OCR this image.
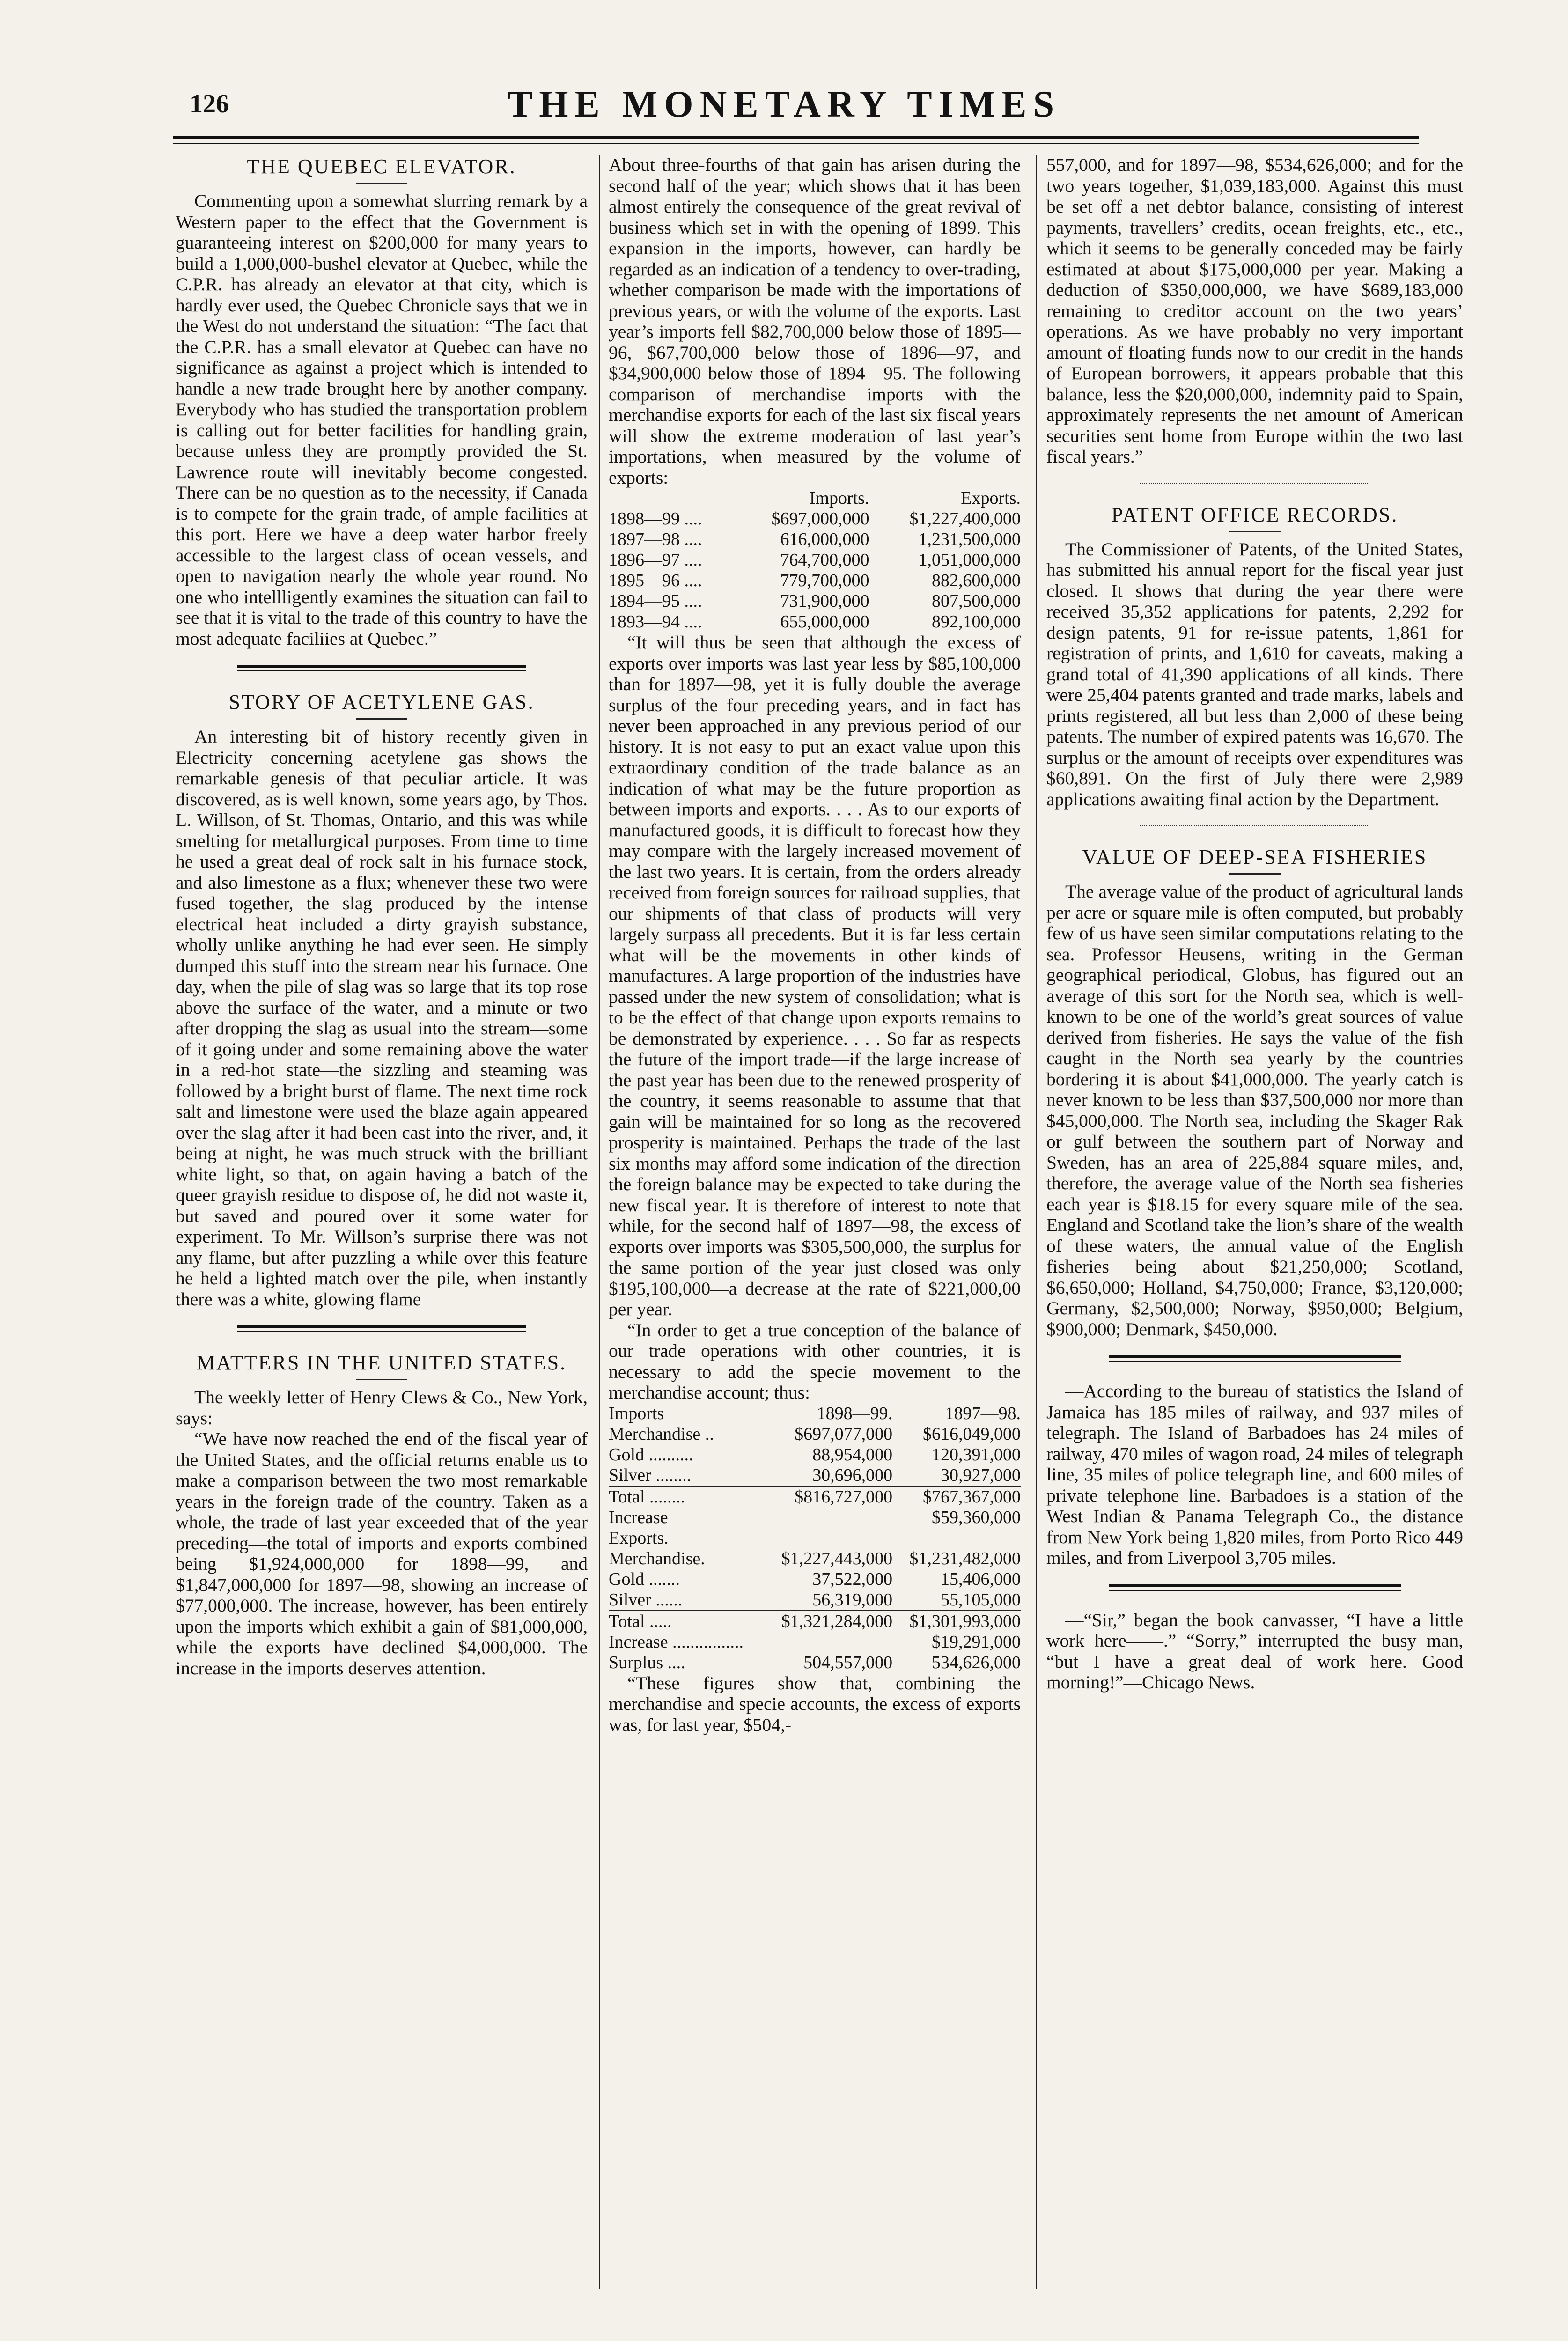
126	THE MONETARY TIMES
THE QUEBEC ELEVATOR.

Commenting upon a somewhat slurring remark by a Western paper to the effect that the Government is guaranteeing interest on $200,000 for many years to build a 1,000,000-bushel elevator at Quebec, while the C.P.R. has already an elevator at that city, which is hardly ever used, the Quebec Chronicle says that we in the West do not understand the situation: “The fact that the C.P.R. has a small elevator at Quebec can have no significance as against a project which is intended to handle a new trade brought here by another company. Everybody who has studied the transportation problem is calling out for better facilities for handling grain, because unless they are promptly provided the St. Lawrence route will inevitably become congested. There can be no question as to the necessity, if Canada is to compete for the grain trade, of ample facilities at this port. Here we have a deep water harbor freely accessible to the largest class of ocean vessels, and open to navigation nearly the whole year round. No one who intellligently examines the situation can fail to see that it is vital to the trade of this country to have the most adequate faciliies at Quebec.”

STORY OF ACETYLENE GAS.

An interesting bit of history recently given in Electricity concerning acetylene gas shows the remarkable genesis of that peculiar article. It was discovered, as is well known, some years ago, by Thos. L. Willson, of St. Thomas, Ontario, and this was while smelting for metallurgical purposes. From time to time he used a great deal of rock salt in his furnace stock, and also limestone as a flux; whenever these two were fused together, the slag produced by the intense electrical heat included a dirty grayish substance, wholly unlike anything he had ever seen. He simply dumped this stuff into the stream near his furnace. One day, when the pile of slag was so large that its top rose above the surface of the water, and a minute or two after dropping the slag as usual into the stream—some of it going under and some remaining above the water in a red-hot state—the sizzling and steaming was followed by a bright burst of flame. The next time rock salt and limestone were used the blaze again appeared over the slag after it had been cast into the river, and, it being at night, he was much struck with the brilliant white light, so that, on again having a batch of the queer grayish residue to dispose of, he did not waste it, but saved and poured over it some water for experiment. To Mr. Willson’s surprise there was not any flame, but after puzzling a while over this feature he held a lighted match over the pile, when instantly there was a white, glowing flame

MATTERS IN THE UNITED STATES.

The weekly letter of Henry Clews & Co., New York, says:

“We have now reached the end of the fiscal year of the United States, and the official returns enable us to make a comparison between the two most remarkable years in the foreign trade of the country. Taken as a whole, the trade of last year exceeded that of the year preceding—the total of imports and exports combined being $1,924,000,000 for 1898—99, and $1,847,000,000 for 1897—98, showing an increase of $77,000,000. The increase, however, has been entirely upon the imports which exhibit a gain of $81,000,000, while the exports have declined $4,000,000. The increase in the imports deserves attention.

About three-fourths of that gain has arisen during the second half of the year; which shows that it has been almost entirely the consequence of the great revival of business which set in with the opening of 1899. This expansion in the imports, however, can hardly be regarded as an indication of a tendency to over-trading, whether comparison be made with the importations of previous years, or with the volume of the exports. Last year’s imports fell $82,700,000 below those of 1895—96, $67,700,000 below those of 1896—97, and $34,900,000 below those of 1894—95. The following comparison of merchandise imports with the merchandise exports for each of the last six fiscal years will show the extreme moderation of last year’s importations, when measured by the volume of exports:

	Imports.	Exports.
1898—99 ....	$697,000,000	$1,227,400,000
1897—98 ....	616,000,000	1,231,500,000
1896—97 ....	764,700,000	1,051,000,000
1895—96 ....	779,700,000	882,600,000
1894—95 ....	731,900,000	807,500,000
1893—94 ....	655,000,000	892,100,000

“It will thus be seen that although the excess of exports over imports was last year less by $85,100,000 than for 1897—98, yet it is fully double the average surplus of the four preceding years, and in fact has never been approached in any previous period of our history. It is not easy to put an exact value upon this extraordinary condition of the trade balance as an indication of what may be the future proportion as between imports and exports. . . . As to our exports of manufactured goods, it is difficult to forecast how they may compare with the largely increased movement of the last two years. It is certain, from the orders already received from foreign sources for railroad supplies, that our shipments of that class of products will very largely surpass all precedents. But it is far less certain what will be the movements in other kinds of manufactures. A large proportion of the industries have passed under the new system of consolidation; what is to be the effect of that change upon exports remains to be demonstrated by experience. . . . So far as respects the future of the import trade—if the large increase of the past year has been due to the renewed prosperity of the country, it seems reasonable to assume that that gain will be maintained for so long as the recovered prosperity is maintained. Perhaps the trade of the last six months may afford some indication of the direction the foreign balance may be expected to take during the new fiscal year. It is therefore of interest to note that while, for the second half of 1897—98, the excess of exports over imports was $305,500,000, the surplus for the same portion of the year just closed was only $195,100,000—a decrease at the rate of $221,000,00 per year.

“In order to get a true conception of the balance of our trade operations with other countries, it is necessary to add the specie movement to the merchandise account; thus:

Imports	1898—99.	1897—98.
Merchandise ..	$697,077,000	$616,049,000
Gold ..........	88,954,000	120,391,000
Silver ........	30,696,000	30,927,000
Total ........	$816,727,000	$767,367,000
Increase		$59,360,000
Exports.		
Merchandise.	$1,227,443,000	$1,231,482,000
Gold .......	37,522,000	15,406,000
Silver ......	56,319,000	55,105,000
Total .....	$1,321,284,000	$1,301,993,000
Increase ................		$19,291,000
Surplus ....	504,557,000	534,626,000

“These figures show that, combining the merchandise and specie accounts, the excess of exports was, for last year, $504,-

557,000, and for 1897—98, $534,626,000; and for the two years together, $1,039,183,000. Against this must be set off a net debtor balance, consisting of interest payments, travellers’ credits, ocean freights, etc., etc., which it seems to be generally conceded may be fairly estimated at about $175,000,000 per year. Making a deduction of $350,000,000, we have $689,183,000 remaining to creditor account on the two years’ operations. As we have probably no very important amount of floating funds now to our credit in the hands of European borrowers, it appears probable that this balance, less the $20,000,000, indemnity paid to Spain, approximately represents the net amount of American securities sent home from Europe within the two last fiscal years.”

PATENT OFFICE RECORDS.

The Commissioner of Patents, of the United States, has submitted his annual report for the fiscal year just closed. It shows that during the year there were received 35,352 applications for patents, 2,292 for design patents, 91 for re-issue patents, 1,861 for registration of prints, and 1,610 for caveats, making a grand total of 41,390 applications of all kinds. There were 25,404 patents granted and trade marks, labels and prints registered, all but less than 2,000 of these being patents. The number of expired patents was 16,670. The surplus or the amount of receipts over expenditures was $60,891. On the first of July there were 2,989 applications awaiting final action by the Department.

VALUE OF DEEP-SEA FISHERIES

The average value of the product of agricultural lands per acre or square mile is often computed, but probably few of us have seen similar computations relating to the sea. Professor Heusens, writing in the German geographical periodical, Globus, has figured out an average of this sort for the North sea, which is well-known to be one of the world’s great sources of value derived from fisheries. He says the value of the fish caught in the North sea yearly by the countries bordering it is about $41,000,000. The yearly catch is never known to be less than $37,500,000 nor more than $45,000,000. The North sea, including the Skager Rak or gulf between the southern part of Norway and Sweden, has an area of 225,884 square miles, and, therefore, the average value of the North sea fisheries each year is $18.15 for every square mile of the sea. England and Scotland take the lion’s share of the wealth of these waters, the annual value of the English fisheries being about $21,250,000; Scotland, $6,650,000; Holland, $4,750,000; France, $3,120,000; Germany, $2,500,000; Norway, $950,000; Belgium, $900,000; Denmark, $450,000.

—According to the bureau of statistics the Island of Jamaica has 185 miles of railway, and 937 miles of telegraph. The Island of Barbadoes has 24 miles of railway, 470 miles of wagon road, 24 miles of telegraph line, 35 miles of police telegraph line, and 600 miles of private telephone line. Barbadoes is a station of the West Indian & Panama Telegraph Co., the distance from New York being 1,820 miles, from Porto Rico 449 miles, and from Liverpool 3,705 miles.

—“Sir,” began the book canvasser, “I have a little work here——.” “Sorry,” interrupted the busy man, “but I have a great deal of work here. Good morning!”—Chicago News.
